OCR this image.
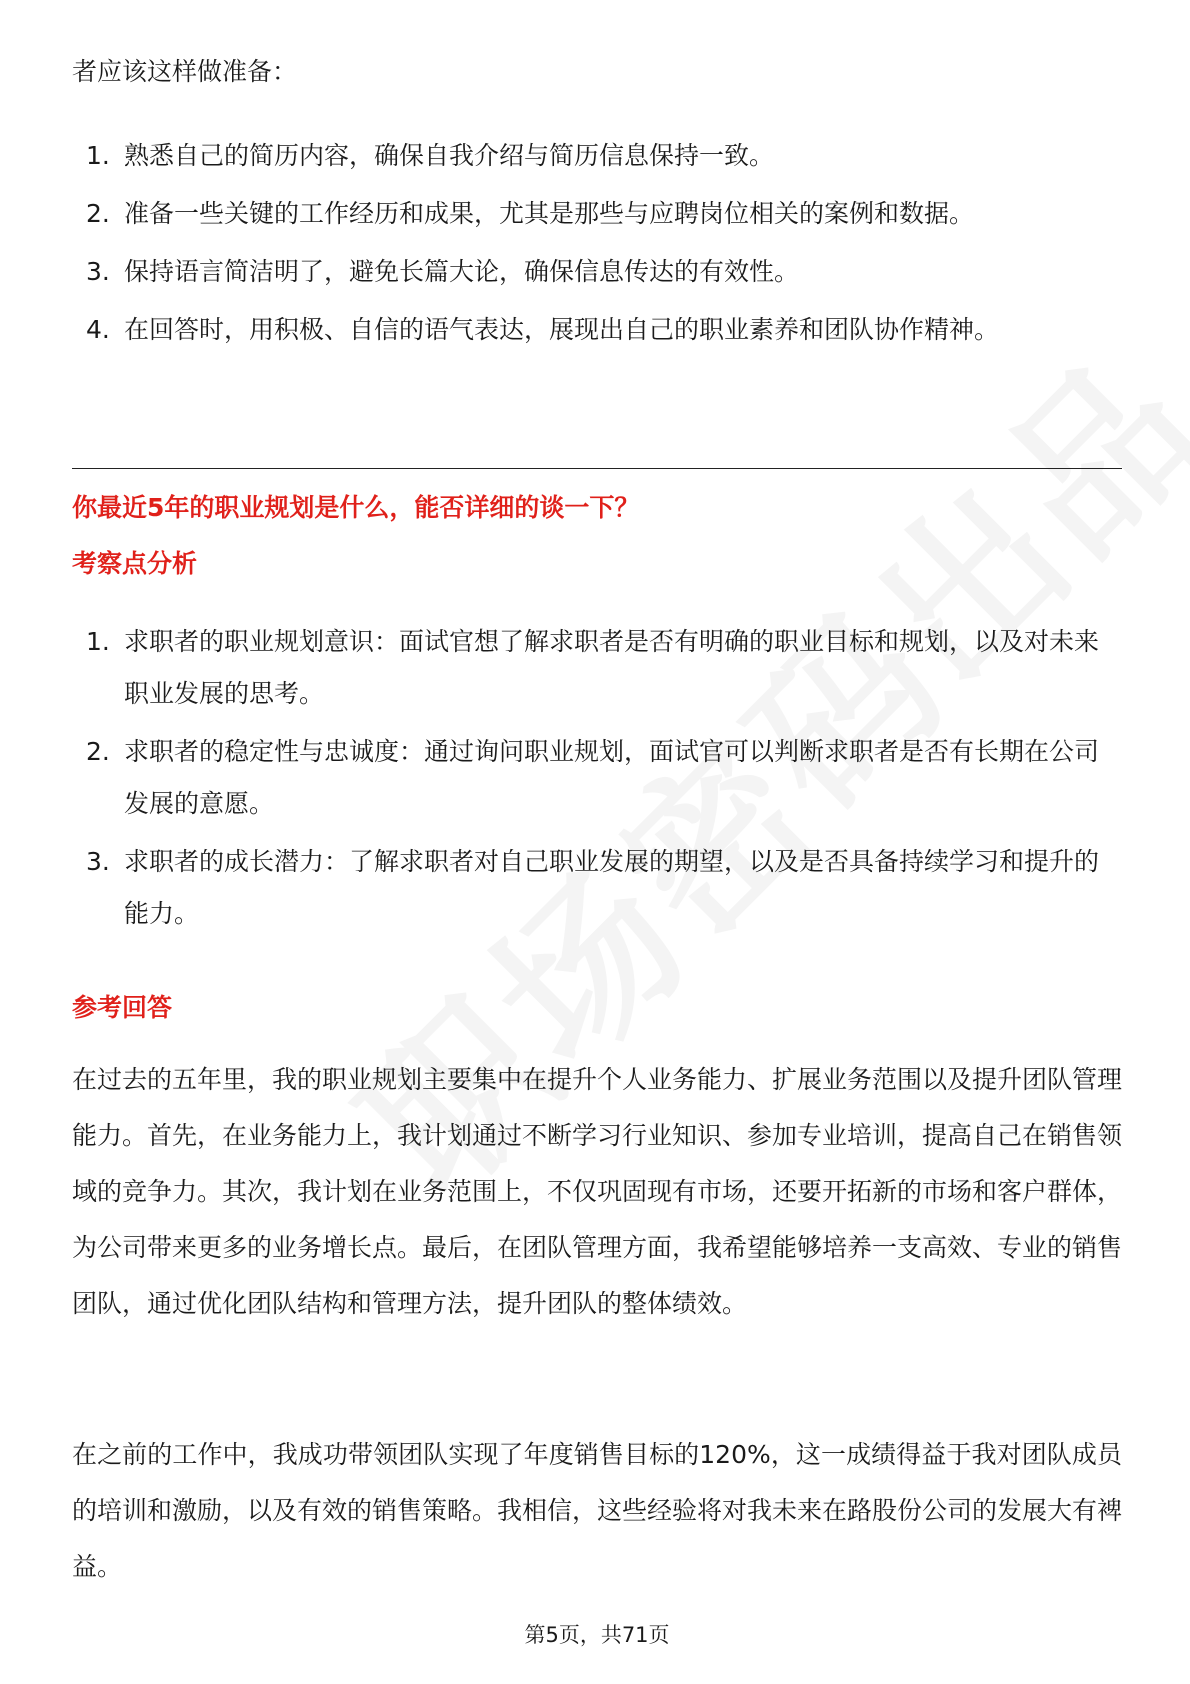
者应该这样做准备：

1. 熟悉自己的简历内容，确保自我介绍与简历信息保持一致。
2. 准备一些关键的工作经历和成果，尤其是那些与应聘岗位相关的案例和数据。
3. 保持语言简洁明了，避免长篇大论，确保信息传达的有效性。
4. 在回答时，用积极、自信的语气表达，展现出自己的职业素养和团队协作精神。
你最近5年的职业规划是什么，能否详细的谈一下？
考察点分析
1. 求职者的职业规划意识：面试官想了解求职者是否有明确的职业目标和规划，以及对未来职业发展的思考。
2. 求职者的稳定性与忠诚度：通过询问职业规划，面试官可以判断求职者是否有长期在公司发展的意愿。
3. 求职者的成长潜力：了解求职者对自己职业发展的期望，以及是否具备持续学习和提升的能力。
参考回答

在过去的五年里，我的职业规划主要集中在提升个人业务能力、扩展业务范围以及提升团队管理能力。首先，在业务能力上，我计划通过不断学习行业知识、参加专业培训，提高自己在销售领域的竞争力。其次，我计划在业务范围上，不仅巩固现有市场，还要开拓新的市场和客户群体，为公司带来更多的业务增长点。最后，在团队管理方面，我希望能够培养一支高效、专业的销售团队，通过优化团队结构和管理方法，提升团队的整体绩效。

在之前的工作中，我成功带领团队实现了年度销售目标的120%，这一成绩得益于我对团队成员的培训和激励，以及有效的销售策略。我相信，这些经验将对我未来在路股份公司的发展大有裨益。

第5页，共71页
